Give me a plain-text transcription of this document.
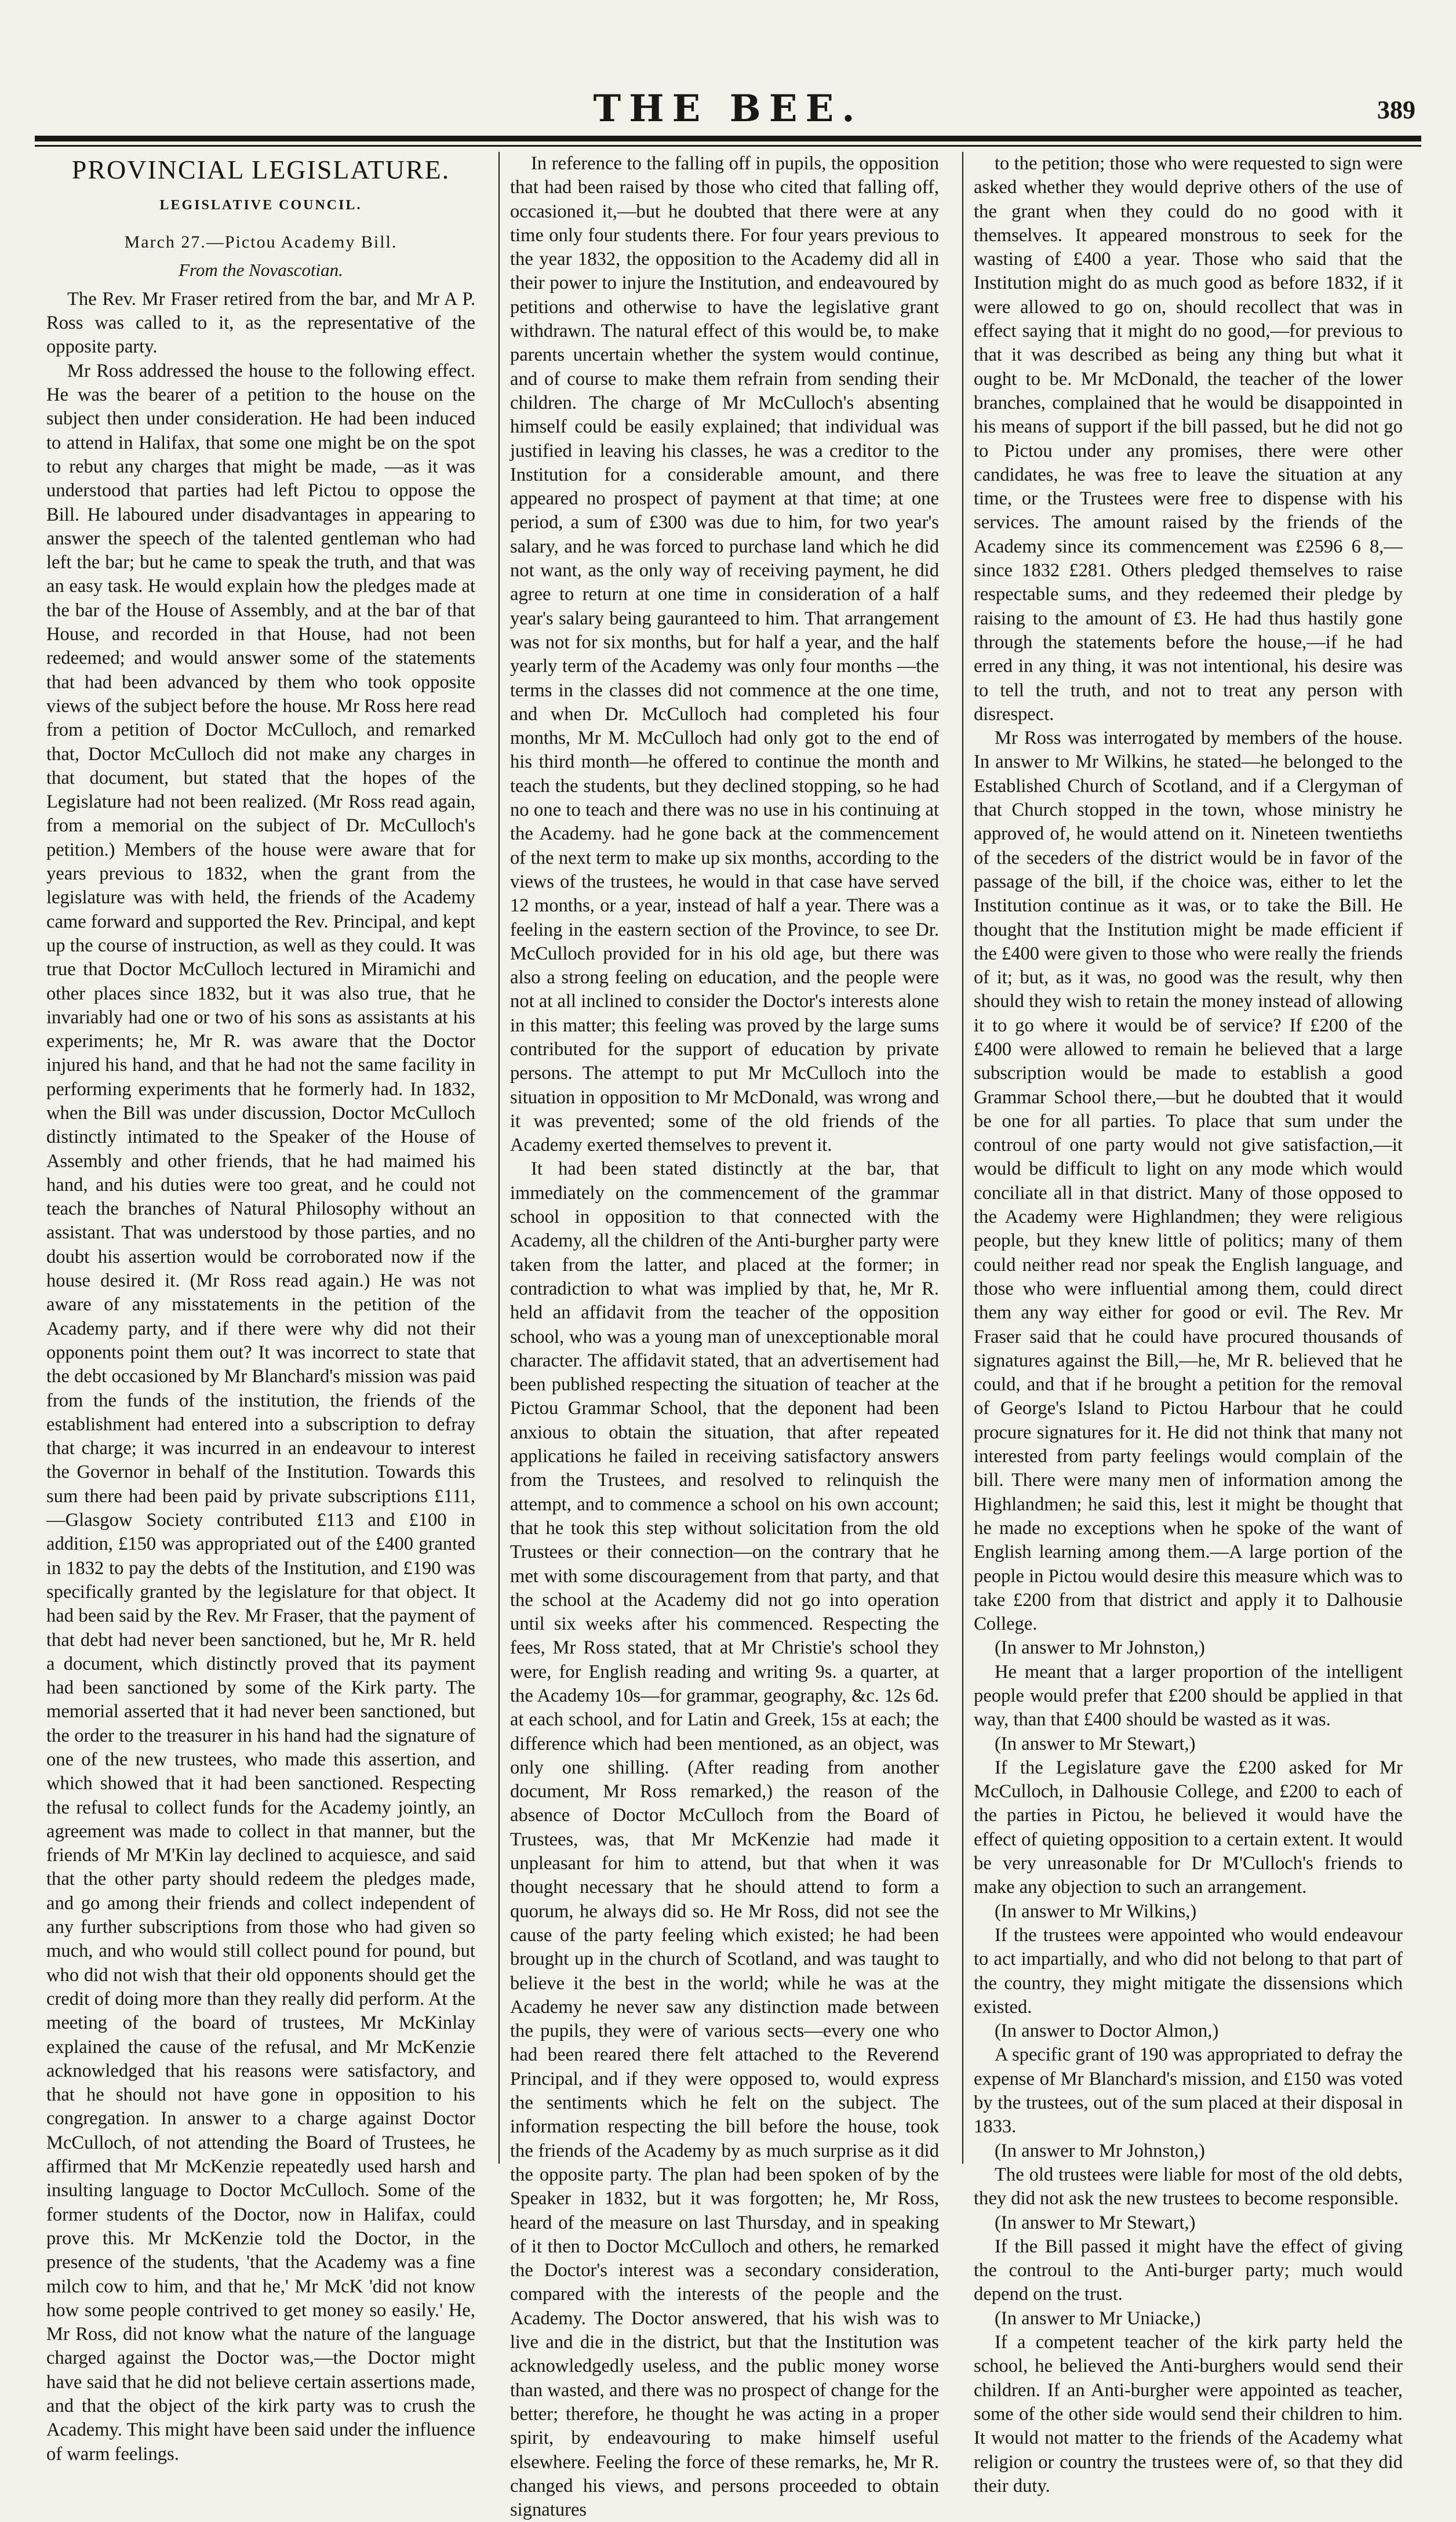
THE BEE.	389
PROVINCIAL LEGISLATURE.
LEGISLATIVE COUNCIL.
March 27.—Pictou Academy Bill.
From the Novascotian.

The Rev. Mr Fraser retired from the bar, and Mr A P. Ross was called to it, as the representative of the opposite party.

Mr Ross addressed the house to the following effect. He was the bearer of a petition to the house on the subject then under consideration. He had been induced to attend in Halifax, that some one might be on the spot to rebut any charges that might be made, —as it was understood that parties had left Pictou to oppose the Bill. He laboured under disadvantages in appearing to answer the speech of the talented gentleman who had left the bar; but he came to speak the truth, and that was an easy task. He would explain how the pledges made at the bar of the House of Assembly, and at the bar of that House, and recorded in that House, had not been redeemed; and would answer some of the statements that had been advanced by them who took opposite views of the subject before the house. Mr Ross here read from a petition of Doctor McCulloch, and remarked that, Doctor McCulloch did not make any charges in that document, but stated that the hopes of the Legislature had not been realized. (Mr Ross read again, from a memorial on the subject of Dr. McCulloch's petition.) Members of the house were aware that for years previous to 1832, when the grant from the legislature was with held, the friends of the Academy came forward and supported the Rev. Principal, and kept up the course of instruction, as well as they could. It was true that Doctor McCulloch lectured in Miramichi and other places since 1832, but it was also true, that he invariably had one or two of his sons as assistants at his experiments; he, Mr R. was aware that the Doctor injured his hand, and that he had not the same facility in performing experiments that he formerly had. In 1832, when the Bill was under discussion, Doctor McCulloch distinctly intimated to the Speaker of the House of Assembly and other friends, that he had maimed his hand, and his duties were too great, and he could not teach the branches of Natural Philosophy without an assistant. That was understood by those parties, and no doubt his assertion would be corroborated now if the house desired it. (Mr Ross read again.) He was not aware of any misstatements in the petition of the Academy party, and if there were why did not their opponents point them out? It was incorrect to state that the debt occasioned by Mr Blanchard's mission was paid from the funds of the institution, the friends of the establishment had entered into a subscription to defray that charge; it was incurred in an endeavour to interest the Governor in behalf of the Institution. Towards this sum there had been paid by private subscriptions £111,—Glasgow Society contributed £113 and £100 in addition, £150 was appropriated out of the £400 granted in 1832 to pay the debts of the Institution, and £190 was specifically granted by the legislature for that object. It had been said by the Rev. Mr Fraser, that the payment of that debt had never been sanctioned, but he, Mr R. held a document, which distinctly proved that its payment had been sanctioned by some of the Kirk party. The memorial asserted that it had never been sanctioned, but the order to the treasurer in his hand had the signature of one of the new trustees, who made this assertion, and which showed that it had been sanctioned. Respecting the refusal to collect funds for the Academy jointly, an agreement was made to collect in that manner, but the friends of Mr M'Kin lay declined to acquiesce, and said that the other party should redeem the pledges made, and go among their friends and collect independent of any further subscriptions from those who had given so much, and who would still collect pound for pound, but who did not wish that their old opponents should get the credit of doing more than they really did perform. At the meeting of the board of trustees, Mr McKinlay explained the cause of the refusal, and Mr McKenzie acknowledged that his reasons were satisfactory, and that he should not have gone in opposition to his congregation. In answer to a charge against Doctor McCulloch, of not attending the Board of Trustees, he affirmed that Mr McKenzie repeatedly used harsh and insulting language to Doctor McCulloch. Some of the former students of the Doctor, now in Halifax, could prove this. Mr McKenzie told the Doctor, in the presence of the students, 'that the Academy was a fine milch cow to him, and that he,' Mr McK 'did not know how some people contrived to get money so easily.' He, Mr Ross, did not know what the nature of the language charged against the Doctor was,—the Doctor might have said that he did not believe certain assertions made, and that the object of the kirk party was to crush the Academy. This might have been said under the influence of warm feelings.

In reference to the falling off in pupils, the opposition that had been raised by those who cited that falling off, occasioned it,—but he doubted that there were at any time only four students there. For four years previous to the year 1832, the opposition to the Academy did all in their power to injure the Institution, and endeavoured by petitions and otherwise to have the legislative grant withdrawn. The natural effect of this would be, to make parents uncertain whether the system would continue, and of course to make them refrain from sending their children. The charge of Mr McCulloch's absenting himself could be easily explained; that individual was justified in leaving his classes, he was a creditor to the Institution for a considerable amount, and there appeared no prospect of payment at that time; at one period, a sum of £300 was due to him, for two year's salary, and he was forced to purchase land which he did not want, as the only way of receiving payment, he did agree to return at one time in consideration of a half year's salary being gauranteed to him. That arrangement was not for six months, but for half a year, and the half yearly term of the Academy was only four months —the terms in the classes did not commence at the one time, and when Dr. McCulloch had completed his four months, Mr M. McCulloch had only got to the end of his third month—he offered to continue the month and teach the students, but they declined stopping, so he had no one to teach and there was no use in his continuing at the Academy. had he gone back at the commencement of the next term to make up six months, according to the views of the trustees, he would in that case have served 12 months, or a year, instead of half a year. There was a feeling in the eastern section of the Province, to see Dr. McCulloch provided for in his old age, but there was also a strong feeling on education, and the people were not at all inclined to consider the Doctor's interests alone in this matter; this feeling was proved by the large sums contributed for the support of education by private persons. The attempt to put Mr McCulloch into the situation in opposition to Mr McDonald, was wrong and it was prevented; some of the old friends of the Academy exerted themselves to prevent it.

It had been stated distinctly at the bar, that immediately on the commencement of the grammar school in opposition to that connected with the Academy, all the children of the Anti-burgher party were taken from the latter, and placed at the former; in contradiction to what was implied by that, he, Mr R. held an affidavit from the teacher of the opposition school, who was a young man of unexceptionable moral character. The affidavit stated, that an advertisement had been published respecting the situation of teacher at the Pictou Grammar School, that the deponent had been anxious to obtain the situation, that after repeated applications he failed in receiving satisfactory answers from the Trustees, and resolved to relinquish the attempt, and to commence a school on his own account; that he took this step without solicitation from the old Trustees or their connection—on the contrary that he met with some discouragement from that party, and that the school at the Academy did not go into operation until six weeks after his commenced. Respecting the fees, Mr Ross stated, that at Mr Christie's school they were, for English reading and writing 9s. a quarter, at the Academy 10s—for grammar, geography, &c. 12s 6d. at each school, and for Latin and Greek, 15s at each; the difference which had been mentioned, as an object, was only one shilling. (After reading from another document, Mr Ross remarked,) the reason of the absence of Doctor McCulloch from the Board of Trustees, was, that Mr McKenzie had made it unpleasant for him to attend, but that when it was thought necessary that he should attend to form a quorum, he always did so. He Mr Ross, did not see the cause of the party feeling which existed; he had been brought up in the church of Scotland, and was taught to believe it the best in the world; while he was at the Academy he never saw any distinction made between the pupils, they were of various sects—every one who had been reared there felt attached to the Reverend Principal, and if they were opposed to, would express the sentiments which he felt on the subject. The information respecting the bill before the house, took the friends of the Academy by as much surprise as it did the opposite party. The plan had been spoken of by the Speaker in 1832, but it was forgotten; he, Mr Ross, heard of the measure on last Thursday, and in speaking of it then to Doctor McCulloch and others, he remarked the Doctor's interest was a secondary consideration, compared with the interests of the people and the Academy. The Doctor answered, that his wish was to live and die in the district, but that the Institution was acknowledgedly useless, and the public money worse than wasted, and there was no prospect of change for the better; therefore, he thought he was acting in a proper spirit, by endeavouring to make himself useful elsewhere. Feeling the force of these remarks, he, Mr R. changed his views, and persons proceeded to obtain signatures

to the petition; those who were requested to sign were asked whether they would deprive others of the use of the grant when they could do no good with it themselves. It appeared monstrous to seek for the wasting of £400 a year. Those who said that the Institution might do as much good as before 1832, if it were allowed to go on, should recollect that was in effect saying that it might do no good,—for previous to that it was described as being any thing but what it ought to be. Mr McDonald, the teacher of the lower branches, complained that he would be disappointed in his means of support if the bill passed, but he did not go to Pictou under any promises, there were other candidates, he was free to leave the situation at any time, or the Trustees were free to dispense with his services. The amount raised by the friends of the Academy since its commencement was £2596 6 8,—since 1832 £281. Others pledged themselves to raise respectable sums, and they redeemed their pledge by raising to the amount of £3. He had thus hastily gone through the statements before the house,—if he had erred in any thing, it was not intentional, his desire was to tell the truth, and not to treat any person with disrespect.

Mr Ross was interrogated by members of the house. In answer to Mr Wilkins, he stated—he belonged to the Established Church of Scotland, and if a Clergyman of that Church stopped in the town, whose ministry he approved of, he would attend on it. Nineteen twentieths of the seceders of the district would be in favor of the passage of the bill, if the choice was, either to let the Institution continue as it was, or to take the Bill. He thought that the Institution might be made efficient if the £400 were given to those who were really the friends of it; but, as it was, no good was the result, why then should they wish to retain the money instead of allowing it to go where it would be of service? If £200 of the £400 were allowed to remain he believed that a large subscription would be made to establish a good Grammar School there,—but he doubted that it would be one for all parties. To place that sum under the controul of one party would not give satisfaction,—it would be difficult to light on any mode which would conciliate all in that district. Many of those opposed to the Academy were Highlandmen; they were religious people, but they knew little of politics; many of them could neither read nor speak the English language, and those who were influential among them, could direct them any way either for good or evil. The Rev. Mr Fraser said that he could have procured thousands of signatures against the Bill,—he, Mr R. believed that he could, and that if he brought a petition for the removal of George's Island to Pictou Harbour that he could procure signatures for it. He did not think that many not interested from party feelings would complain of the bill. There were many men of information among the Highlandmen; he said this, lest it might be thought that he made no exceptions when he spoke of the want of English learning among them.—A large portion of the people in Pictou would desire this measure which was to take £200 from that district and apply it to Dalhousie College.

(In answer to Mr Johnston,)

He meant that a larger proportion of the intelligent people would prefer that £200 should be applied in that way, than that £400 should be wasted as it was.

(In answer to Mr Stewart,)

If the Legislature gave the £200 asked for Mr McCulloch, in Dalhousie College, and £200 to each of the parties in Pictou, he believed it would have the effect of quieting opposition to a certain extent. It would be very unreasonable for Dr M'Culloch's friends to make any objection to such an arrangement.

(In answer to Mr Wilkins,)

If the trustees were appointed who would endeavour to act impartially, and who did not belong to that part of the country, they might mitigate the dissensions which existed.

(In answer to Doctor Almon,)

A specific grant of 190 was appropriated to defray the expense of Mr Blanchard's mission, and £150 was voted by the trustees, out of the sum placed at their disposal in 1833.

(In answer to Mr Johnston,)

The old trustees were liable for most of the old debts, they did not ask the new trustees to become responsible.

(In answer to Mr Stewart,)

If the Bill passed it might have the effect of giving the controul to the Anti-burger party; much would depend on the trust.

(In answer to Mr Uniacke,)

If a competent teacher of the kirk party held the school, he believed the Anti-burghers would send their children. If an Anti-burgher were appointed as teacher, some of the other side would send their children to him. It would not matter to the friends of the Academy what religion or country the trustees were of, so that they did their duty.
